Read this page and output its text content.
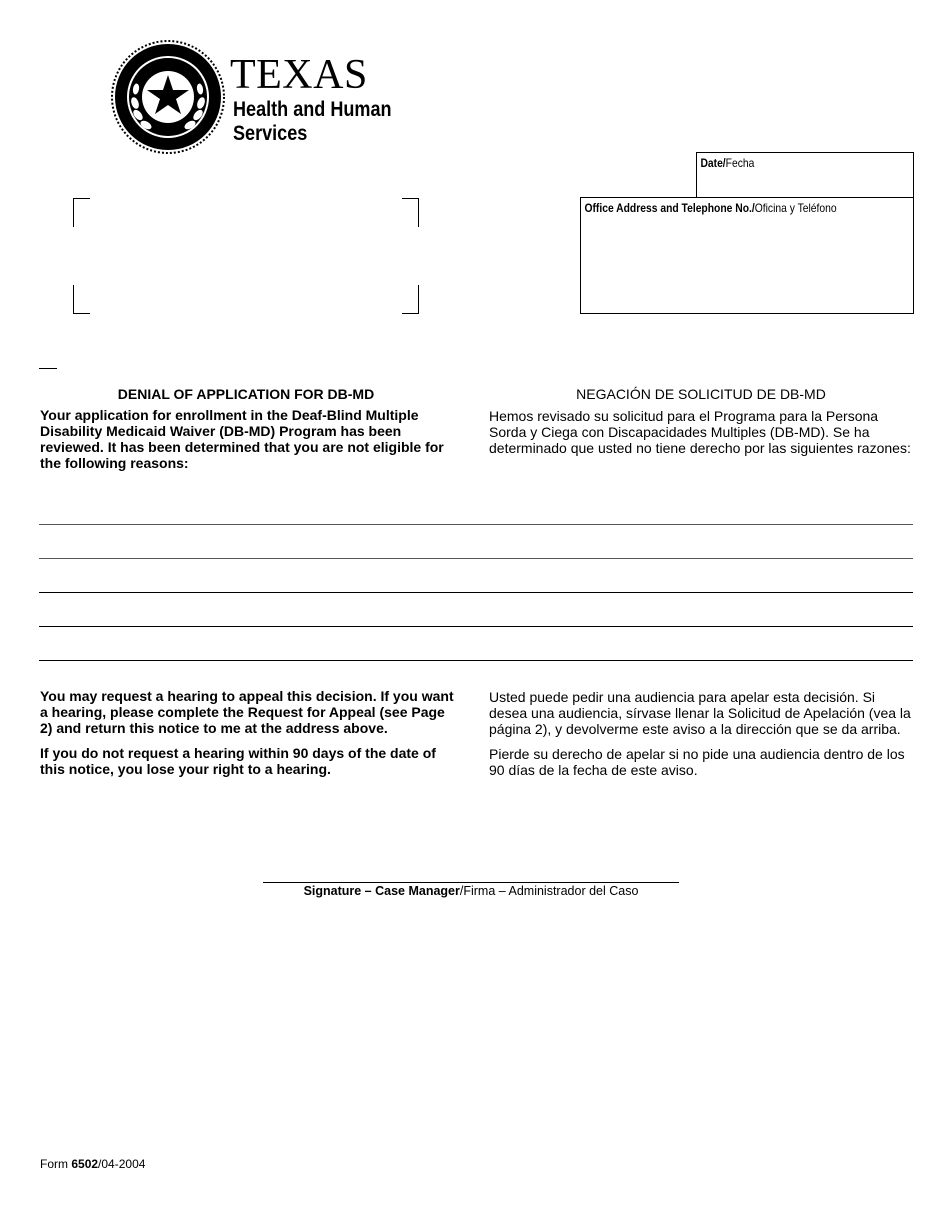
TEXAS
Health and Human
Services
Date/Fecha
Office Address and Telephone No./Oficina y Teléfono
DENIAL OF APPLICATION FOR DB-MD	NEGACIÓN DE SOLICITUD DE DB-MD
Your application for enrollment in the Deaf-Blind Multiple Disability Medicaid Waiver (DB-MD) Program has been reviewed. It has been determined that you are not eligible for the following reasons:
Hemos revisado su solicitud para el Programa para la Persona Sorda y Ciega con Discapacidades Multiples (DB-MD). Se ha determinado que usted no tiene derecho por las siguientes razones:
You may request a hearing to appeal this decision. If you want a hearing, please complete the Request for Appeal (see Page 2) and return this notice to me at the address above.
Usted puede pedir una audiencia para apelar esta decisión. Si desea una audiencia, sírvase llenar la Solicitud de Apelación (vea la página 2), y devolverme este aviso a la dirección que se da arriba.
If you do not request a hearing within 90 days of the date of this notice, you lose your right to a hearing.
Pierde su derecho de apelar si no pide una audiencia dentro de los 90 días de la fecha de este aviso.
Signature – Case Manager/Firma – Administrador del Caso
Form 6502/04-2004
